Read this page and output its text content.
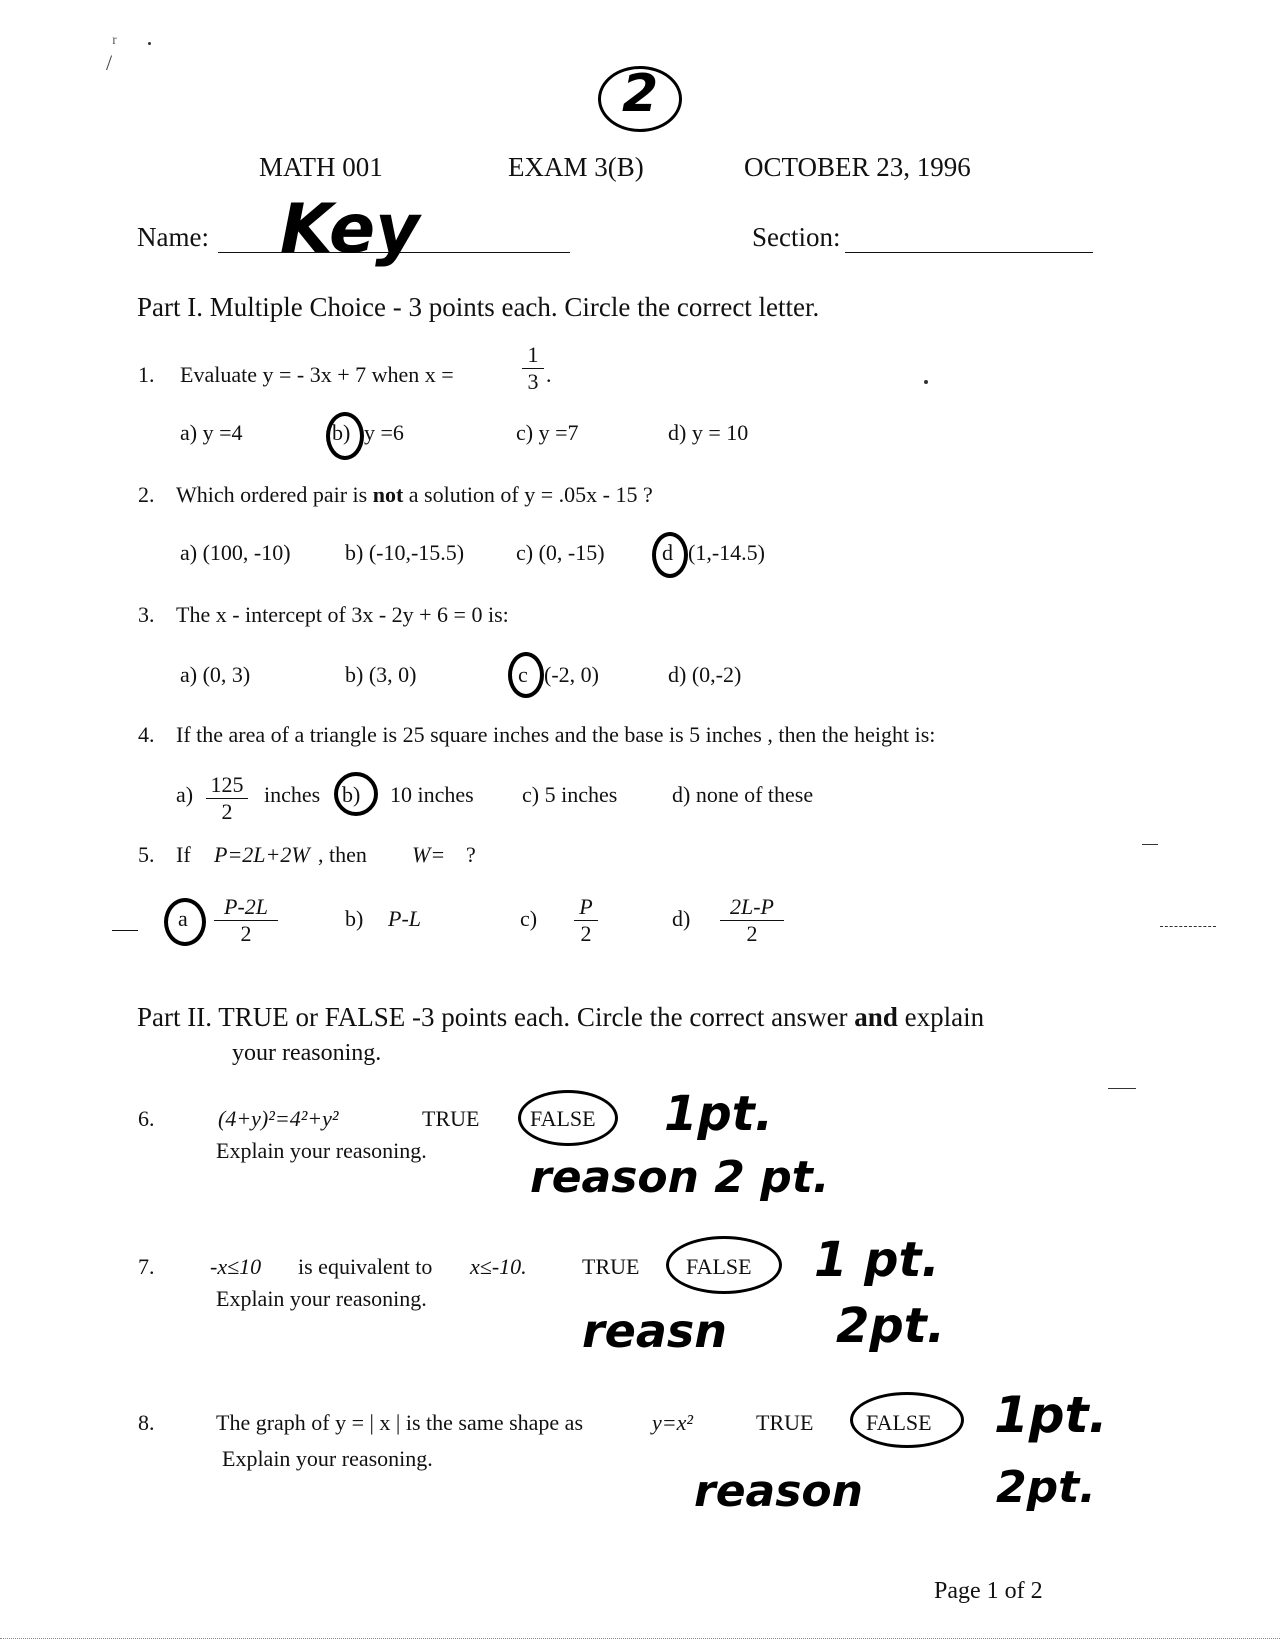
ʳ
/
2
MATH 001	EXAM 3(B)	OCTOBER 23, 1996
Name: Key	Section:
Part I. Multiple Choice - 3 points each. Circle the correct letter.
1. Evaluate y = - 3x + 7 when x =	$\frac{1}{3}$ .
a) y =4	b) y =6	c) y =7	d) y = 10
2. Which ordered pair is not a solution of y = .05x - 15 ?
a) (100, -10) b) (-10,-15.5) c) (0, -15)	d (1,-14.5)
3. The x - intercept of 3x - 2y + 6 = 0 is:
a) (0, 3)	b) (3, 0)	c (-2, 0)	d) (0,-2)
4. If the area of a triangle is 25 square inches and the base is 5 inches , then the height is:
$a) \frac{125}{2}$ inches b) 10 inches c) 5 inches d) none of these
5. If P=2L+2W , then W= ?
a $\frac{P-2L}{2}$	b) P-L	$c) \frac{P}{2}$	$d) \frac{2L-P}{2}$
Part II. TRUE or FALSE -3 points each. Circle the correct answer and explain
your reasoning.
6.	(4+y)²=4²+y²	TRUE FALSE
Explain your reasoning.
1pt.
reason 2 pt.
7.	-x≤10 is equivalent to x≤-10.	TRUE FALSE
Explain your reasoning.
1 pt.
reasn 2pt.
8.	The graph of y = | x | is the same shape as	y=x²	TRUE FALSE
Explain your reasoning.
1pt.
reason	2pt.
Page 1 of 2
